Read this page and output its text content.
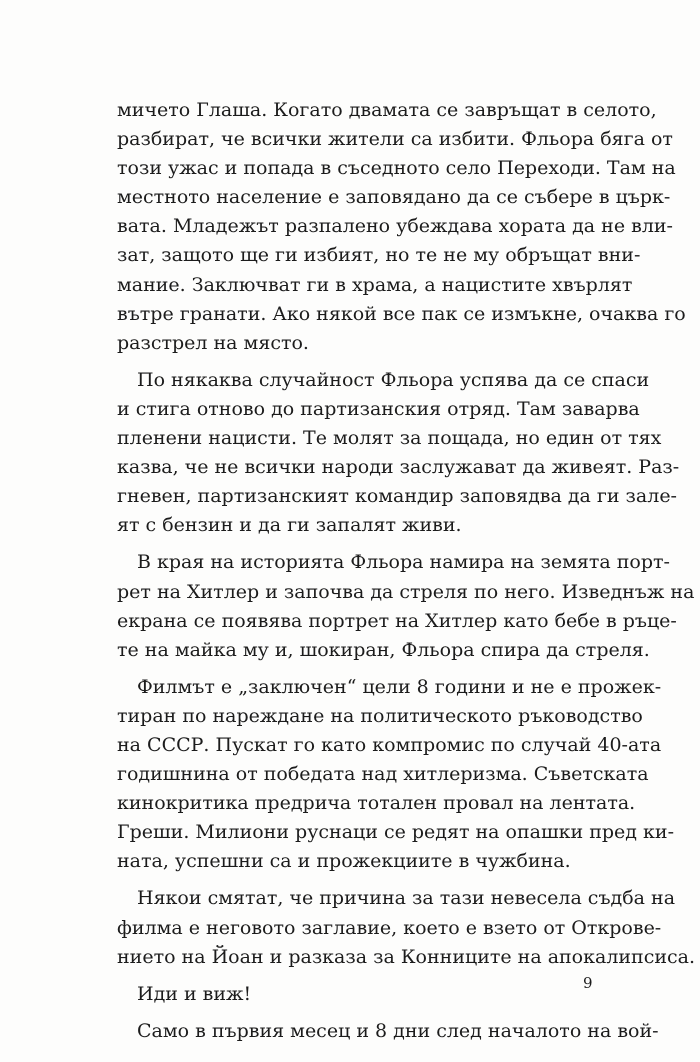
мичето Глаша. Когато двамата се завръщат в селото,
разбират, че всички жители са избити. Фльора бяга от
този ужас и попада в съседното село Переходи. Там на
местното население е заповядано да се събере в църк-
вата. Младежът разпалено убеждава хората да не вли-
зат, защото ще ги избият, но те не му обръщат вни-
мание. Заключват ги в храма, а нацистите хвърлят
вътре гранати. Ако някой все пак се измъкне, очаква го
разстрел на място.
По някаква случайност Фльора успява да се спаси
и стига отново до партизанския отряд. Там заварва
пленени нацисти. Те молят за пощада, но един от тях
казва, че не всички народи заслужават да живеят. Раз-
гневен, партизанският командир заповядва да ги зале-
ят с бензин и да ги запалят живи.
В края на историята Фльора намира на земята порт-
рет на Хитлер и започва да стреля по него. Изведнъж на
екрана се появява портрет на Хитлер като бебе в ръце-
те на майка му и, шокиран, Фльора спира да стреля.
Филмът е „заключен“ цели 8 години и не е прожек-
тиран по нареждане на политическото ръководство
на СССР. Пускат го като компромис по случай 40-ата
годишнина от победата над хитлеризма. Съветската
кинокритика предрича тотален провал на лентата.
Греши. Милиони руснаци се редят на опашки пред ки-
ната, успешни са и прожекциите в чужбина.
Някои смятат, че причина за тази невесела съдба на
филма е неговото заглавие, което е взето от Открове-
нието на Йоан и разказа за Конниците на апокалипсиса.
Иди и виж!
Само в първия месец и 8 дни след началото на вой-
9
